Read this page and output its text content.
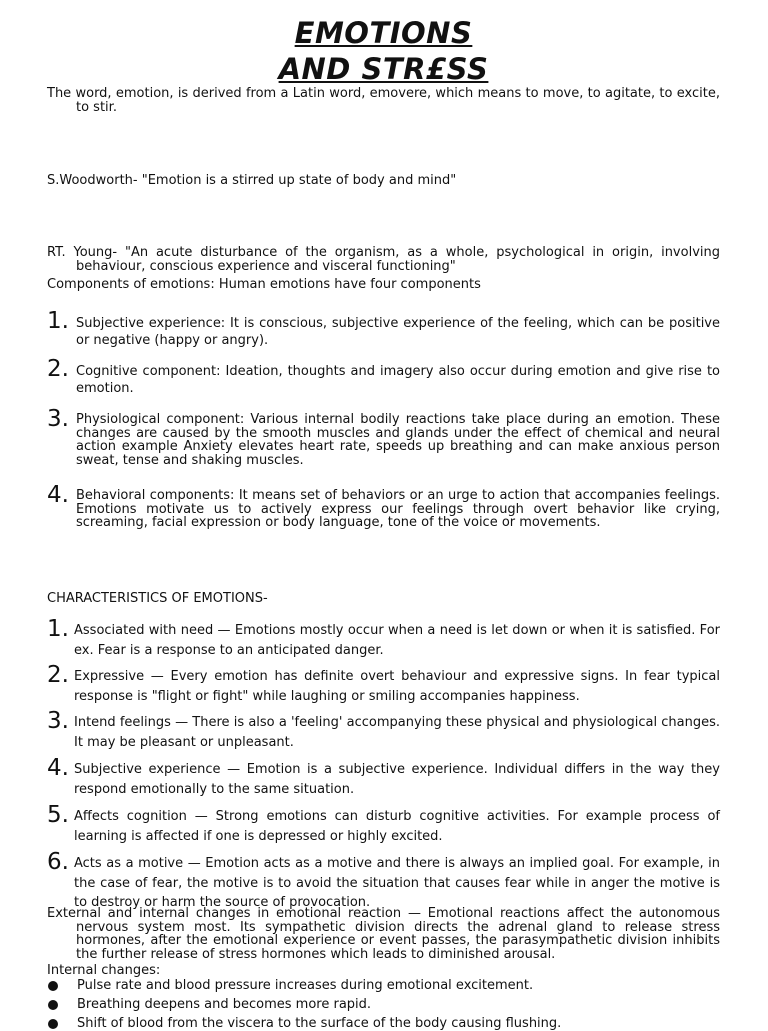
EMOTIONS
AND STR£SS
The word, emotion, is derived from a Latin word, emovere, which means to move, to agitate, to excite, to stir.
S.Woodworth- "Emotion is a stirred up state of body and mind"
RT. Young- "An acute disturbance of the organism, as a whole, psychological in origin, involving behaviour, conscious experience and visceral functioning"
Components of emotions: Human emotions have four components
1. Subjective experience: It is conscious, subjective experience of the feeling, which can be positive or negative (happy or angry).
2. Cognitive component: Ideation, thoughts and imagery also occur during emotion and give rise to emotion.
3. Physiological component: Various internal bodily reactions take place during an emotion. These changes are caused by the smooth muscles and glands under the effect of chemical and neural action example Anxiety elevates heart rate, speeds up breathing and can make anxious person sweat, tense and shaking muscles.
4. Behavioral components: It means set of behaviors or an urge to action that accompanies feelings. Emotions motivate us to actively express our feelings through overt behavior like crying, screaming, facial expression or body language, tone of the voice or movements.
CHARACTERISTICS OF EMOTIONS-
1. Associated with need — Emotions mostly occur when a need is let down or when it is satisfied. For ex. Fear is a response to an anticipated danger.
2. Expressive — Every emotion has definite overt behaviour and expressive signs. In fear typical response is "flight or fight" while laughing or smiling accompanies happiness.
3. Intend feelings — There is also a 'feeling' accompanying these physical and physiological changes. It may be pleasant or unpleasant.
4. Subjective experience — Emotion is a subjective experience. Individual differs in the way they respond emotionally to the same situation.
5. Affects cognition — Strong emotions can disturb cognitive activities. For example process of learning is affected if one is depressed or highly excited.
6. Acts as a motive — Emotion acts as a motive and there is always an implied goal. For example, in the case of fear, the motive is to avoid the situation that causes fear while in anger the motive is to destroy or harm the source of provocation.
External and internal changes in emotional reaction — Emotional reactions affect the autonomous nervous system most. Its sympathetic division directs the adrenal gland to release stress hormones, after the emotional experience or event passes, the parasympathetic division inhibits the further release of stress hormones which leads to diminished arousal.
Internal changes:
Pulse rate and blood pressure increases during emotional excitement.
Breathing deepens and becomes more rapid.
Shift of blood from the viscera to the surface of the body causing flushing.
